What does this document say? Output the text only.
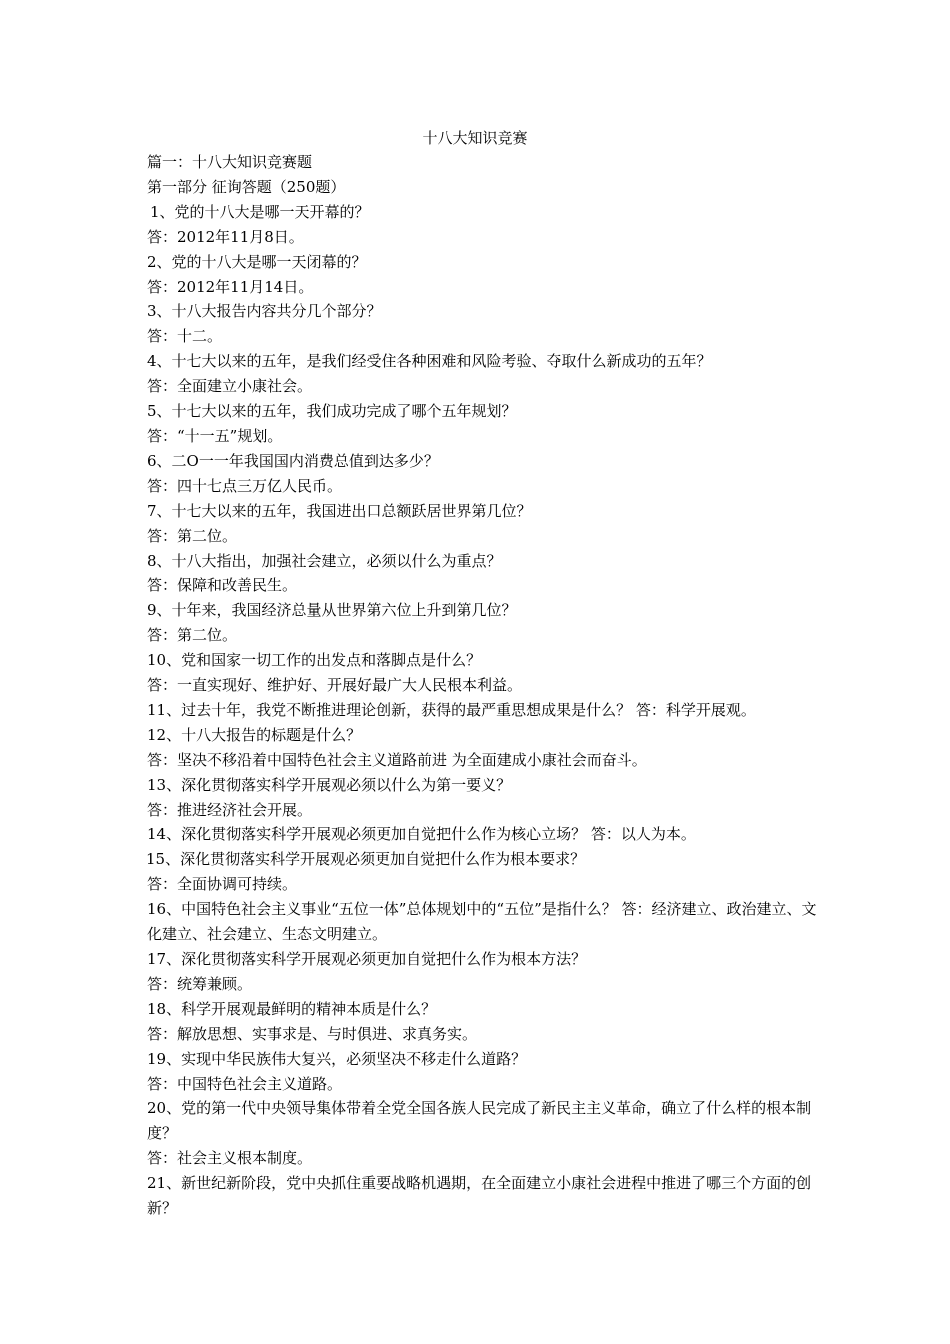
十八大知识竞赛
篇一：十八大知识竞赛题
第一部分 征询答题（250题）
1、党的十八大是哪一天开幕的？
答：2012年11月8日。
2、党的十八大是哪一天闭幕的？
答：2012年11月14日。
3、十八大报告内容共分几个部分？
答：十二。
4、十七大以来的五年，是我们经受住各种困难和风险考验、夺取什么新成功的五年？
答：全面建立小康社会。
5、十七大以来的五年，我们成功完成了哪个五年规划？
答：“十一五”规划。
6、二O一一年我国国内消费总值到达多少？
答：四十七点三万亿人民币。
7、十七大以来的五年，我国进出口总额跃居世界第几位？
答：第二位。
8、十八大指出，加强社会建立，必须以什么为重点？
答：保障和改善民生。
9、十年来，我国经济总量从世界第六位上升到第几位？
答：第二位。
10、党和国家一切工作的出发点和落脚点是什么？
答：一直实现好、维护好、开展好最广大人民根本利益。
11、过去十年，我党不断推进理论创新，获得的最严重思想成果是什么？ 答：科学开展观。
12、十八大报告的标题是什么？
答：坚决不移沿着中国特色社会主义道路前进 为全面建成小康社会而奋斗。
13、深化贯彻落实科学开展观必须以什么为第一要义？
答：推进经济社会开展。
14、深化贯彻落实科学开展观必须更加自觉把什么作为核心立场？ 答：以人为本。
15、深化贯彻落实科学开展观必须更加自觉把什么作为根本要求？
答：全面协调可持续。
16、中国特色社会主义事业“五位一体”总体规划中的“五位”是指什么？ 答：经济建立、政治建立、文化建立、社会建立、生态文明建立。
17、深化贯彻落实科学开展观必须更加自觉把什么作为根本方法？
答：统筹兼顾。
18、科学开展观最鲜明的精神本质是什么？
答：解放思想、实事求是、与时俱进、求真务实。
19、实现中华民族伟大复兴，必须坚决不移走什么道路？
答：中国特色社会主义道路。
20、党的第一代中央领导集体带着全党全国各族人民完成了新民主主义革命，确立了什么样的根本制度？
答：社会主义根本制度。
21、新世纪新阶段，党中央抓住重要战略机遇期，在全面建立小康社会进程中推进了哪三个方面的创新？
